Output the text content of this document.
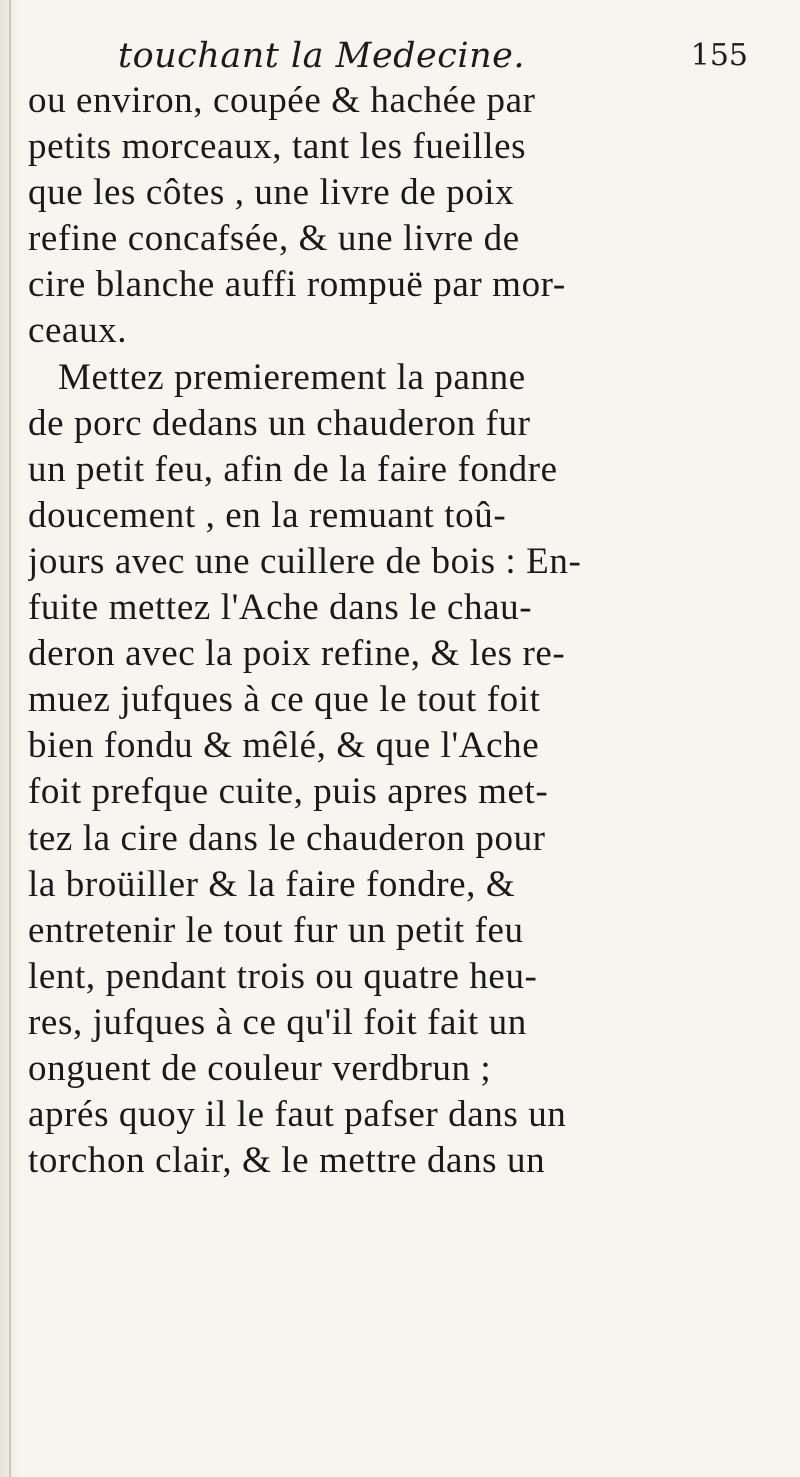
touchant la Medecine.	155
ou environ, coupée & hachée par
petits morceaux, tant les fueilles
que les côtes , une livre de poix
refine concafsée, & une livre de
cire blanche auffi rompuë par mor-
ceaux.
Mettez premierement la panne
de porc dedans un chauderon fur
un petit feu, afin de la faire fondre
doucement , en la remuant toû-
jours avec une cuillere de bois : En-
fuite mettez l'Ache dans le chau-
deron avec la poix refine, & les re-
muez jufques à ce que le tout foit
bien fondu & mêlé, & que l'Ache
foit prefque cuite, puis apres met-
tez la cire dans le chauderon pour
la broüiller & la faire fondre, &
entretenir le tout fur un petit feu
lent, pendant trois ou quatre heu-
res, jufques à ce qu'il foit fait un
onguent de couleur verdbrun ;
aprés quoy il le faut pafser dans un
torchon clair, & le mettre dans un
